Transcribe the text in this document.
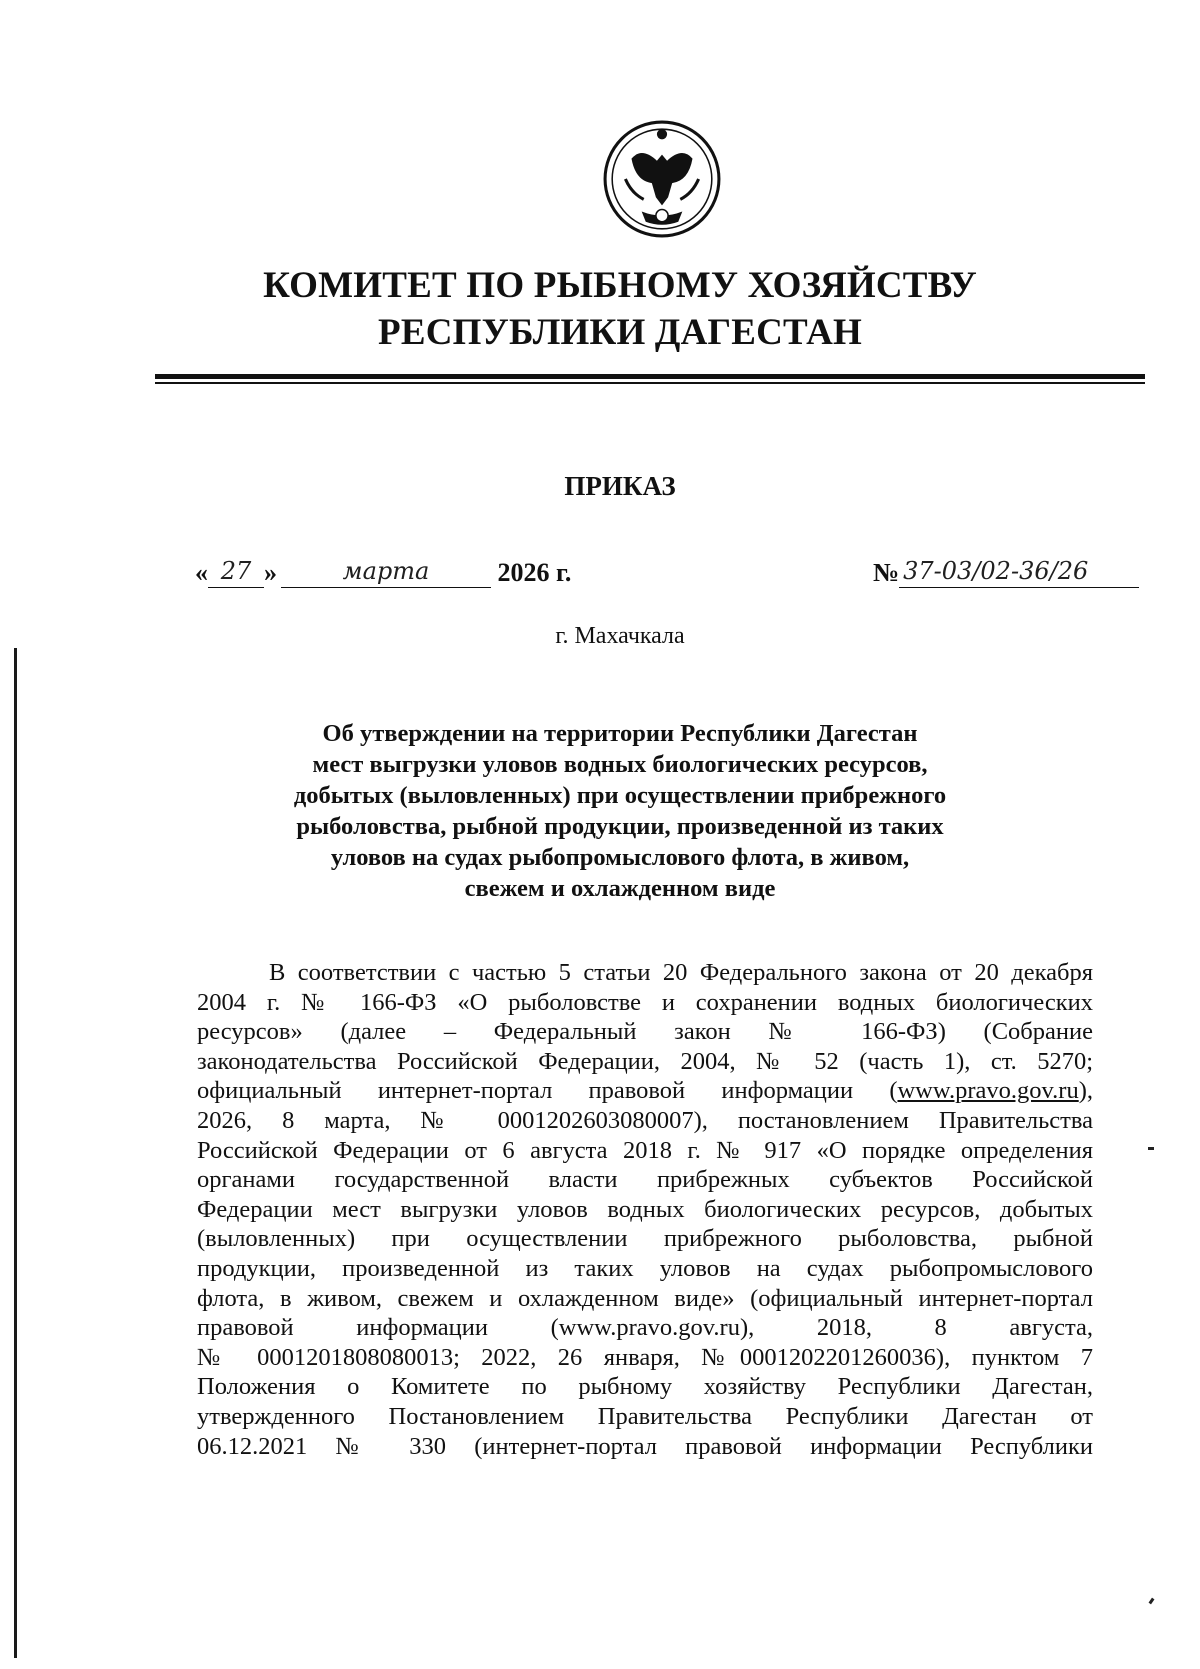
КОМИТЕТ ПО РЫБНОМУ ХОЗЯЙСТВУ
РЕСПУБЛИКИ ДАГЕСТАН
ПРИКАЗ
« 27 »	марта	2026 г.	№ 37-03/02-36/26
г. Махачкала
Об утверждении на территории Республики Дагестан
мест выгрузки уловов водных биологических ресурсов,
добытых (выловленных) при осуществлении прибрежного
рыболовства, рыбной продукции, произведенной из таких
уловов на судах рыбопромыслового флота, в живом,
свежем и охлажденном виде
В соответствии с частью 5 статьи 20 Федерального закона от 20 декабря
2004 г. № 166-ФЗ «О рыболовстве и сохранении водных биологических
ресурсов» (далее – Федеральный закон № 166-ФЗ) (Собрание
законодательства Российской Федерации, 2004, № 52 (часть 1), ст. 5270;
официальный интернет-портал правовой информации (www.pravo.gov.ru),
2026, 8 марта, № 0001202603080007), постановлением Правительства
Российской Федерации от 6 августа 2018 г. № 917 «О порядке определения
органами государственной власти прибрежных субъектов Российской
Федерации мест выгрузки уловов водных биологических ресурсов, добытых
(выловленных) при осуществлении прибрежного рыболовства, рыбной
продукции, произведенной из таких уловов на судах рыбопромыслового
флота, в живом, свежем и охлажденном виде» (официальный интернет-портал
правовой информации (www.pravo.gov.ru), 2018, 8 августа,
№ 0001201808080013; 2022, 26 января, №0001202201260036), пунктом 7
Положения о Комитете по рыбному хозяйству Республики Дагестан,
утвержденного Постановлением Правительства Республики Дагестан от
06.12.2021 № 330 (интернет-портал правовой информации Республики
